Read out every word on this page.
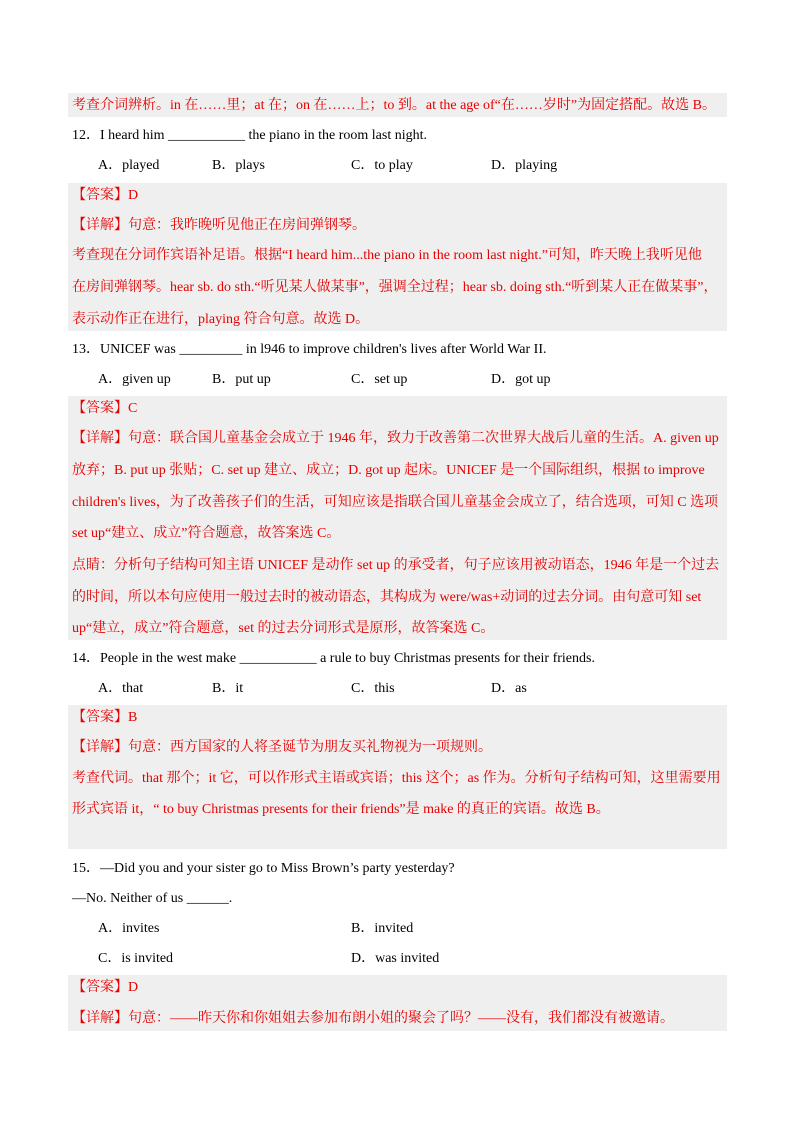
考查介词辨析。in 在……里；at 在；on 在……上；to 到。at the age of“在……岁时”为固定搭配。故选 B。
12．I heard him ___________ the piano in the room last night.
A．played	B．plays	C．to play	D．playing
【答案】D
【详解】句意：我昨晚听见他正在房间弹钢琴。
考查现在分词作宾语补足语。根据“I heard him...the piano in the room last night.”可知，昨天晚上我听见他
在房间弹钢琴。hear sb. do sth.“听见某人做某事”，强调全过程；hear sb. doing sth.“听到某人正在做某事”，
表示动作正在进行，playing 符合句意。故选 D。
13．UNICEF was _________ in l946 to improve children's lives after World War II.
A．given up	B．put up	C．set up	D．got up
【答案】C
【详解】句意：联合国儿童基金会成立于 1946 年，致力于改善第二次世界大战后儿童的生活。A. given up
放弃；B. put up 张贴；C. set up 建立、成立；D. got up 起床。UNICEF 是一个国际组织，根据 to improve
children's lives，为了改善孩子们的生活，可知应该是指联合国儿童基金会成立了，结合选项，可知 C 选项
set up“建立、成立”符合题意，故答案选 C。
点睛：分析句子结构可知主语 UNICEF 是动作 set up 的承受者，句子应该用被动语态，1946 年是一个过去
的时间，所以本句应使用一般过去时的被动语态，其构成为 were/was+动词的过去分词。由句意可知 set
up“建立，成立”符合题意，set 的过去分词形式是原形，故答案选 C。
14．People in the west make ___________ a rule to buy Christmas presents for their friends.
A．that	B．it	C．this	D．as
【答案】B
【详解】句意：西方国家的人将圣诞节为朋友买礼物视为一项规则。
考查代词。that 那个；it 它，可以作形式主语或宾语；this 这个；as 作为。分析句子结构可知，这里需要用
形式宾语 it，“ to buy Christmas presents for their friends”是 make 的真正的宾语。故选 B。
15．—Did you and your sister go to Miss Brown’s party yesterday?
—No. Neither of us ______.
A．invites	B．invited
C．is invited	D．was invited
【答案】D
【详解】句意：——昨天你和你姐姐去参加布朗小姐的聚会了吗？——没有，我们都没有被邀请。
